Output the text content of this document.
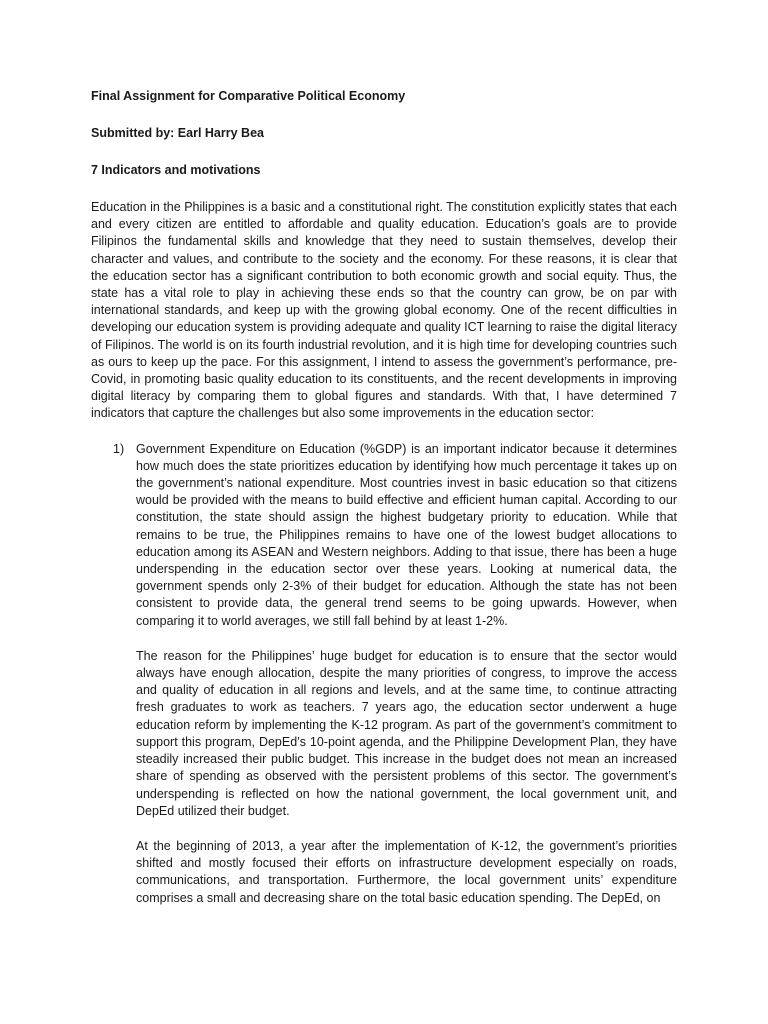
Final Assignment for Comparative Political Economy

Submitted by: Earl Harry Bea

7 Indicators and motivations

Education in the Philippines is a basic and a constitutional right. The constitution explicitly states that each and every citizen are entitled to affordable and quality education. Education’s goals are to provide Filipinos the fundamental skills and knowledge that they need to sustain themselves, develop their character and values, and contribute to the society and the economy. For these reasons, it is clear that the education sector has a significant contribution to both economic growth and social equity. Thus, the state has a vital role to play in achieving these ends so that the country can grow, be on par with international standards, and keep up with the growing global economy. One of the recent difficulties in developing our education system is providing adequate and quality ICT learning to raise the digital literacy of Filipinos. The world is on its fourth industrial revolution, and it is high time for developing countries such as ours to keep up the pace. For this assignment, I intend to assess the government’s performance, pre-Covid, in promoting basic quality education to its constituents, and the recent developments in improving digital literacy by comparing them to global figures and standards. With that, I have determined 7 indicators that capture the challenges but also some improvements in the education sector:

1) Government Expenditure on Education (%GDP) is an important indicator because it determines how much does the state prioritizes education by identifying how much percentage it takes up on the government’s national expenditure. Most countries invest in basic education so that citizens would be provided with the means to build effective and efficient human capital. According to our constitution, the state should assign the highest budgetary priority to education. While that remains to be true, the Philippines remains to have one of the lowest budget allocations to education among its ASEAN and Western neighbors. Adding to that issue, there has been a huge underspending in the education sector over these years. Looking at numerical data, the government spends only 2-3% of their budget for education. Although the state has not been consistent to provide data, the general trend seems to be going upwards. However, when comparing it to world averages, we still fall behind by at least 1-2%.

The reason for the Philippines’ huge budget for education is to ensure that the sector would always have enough allocation, despite the many priorities of congress, to improve the access and quality of education in all regions and levels, and at the same time, to continue attracting fresh graduates to work as teachers. 7 years ago, the education sector underwent a huge education reform by implementing the K-12 program. As part of the government’s commitment to support this program, DepEd’s 10-point agenda, and the Philippine Development Plan, they have steadily increased their public budget. This increase in the budget does not mean an increased share of spending as observed with the persistent problems of this sector. The government’s underspending is reflected on how the national government, the local government unit, and DepEd utilized their budget.

At the beginning of 2013, a year after the implementation of K-12, the government’s priorities shifted and mostly focused their efforts on infrastructure development especially on roads, communications, and transportation. Furthermore, the local government units’ expenditure comprises a small and decreasing share on the total basic education spending. The DepEd, on
